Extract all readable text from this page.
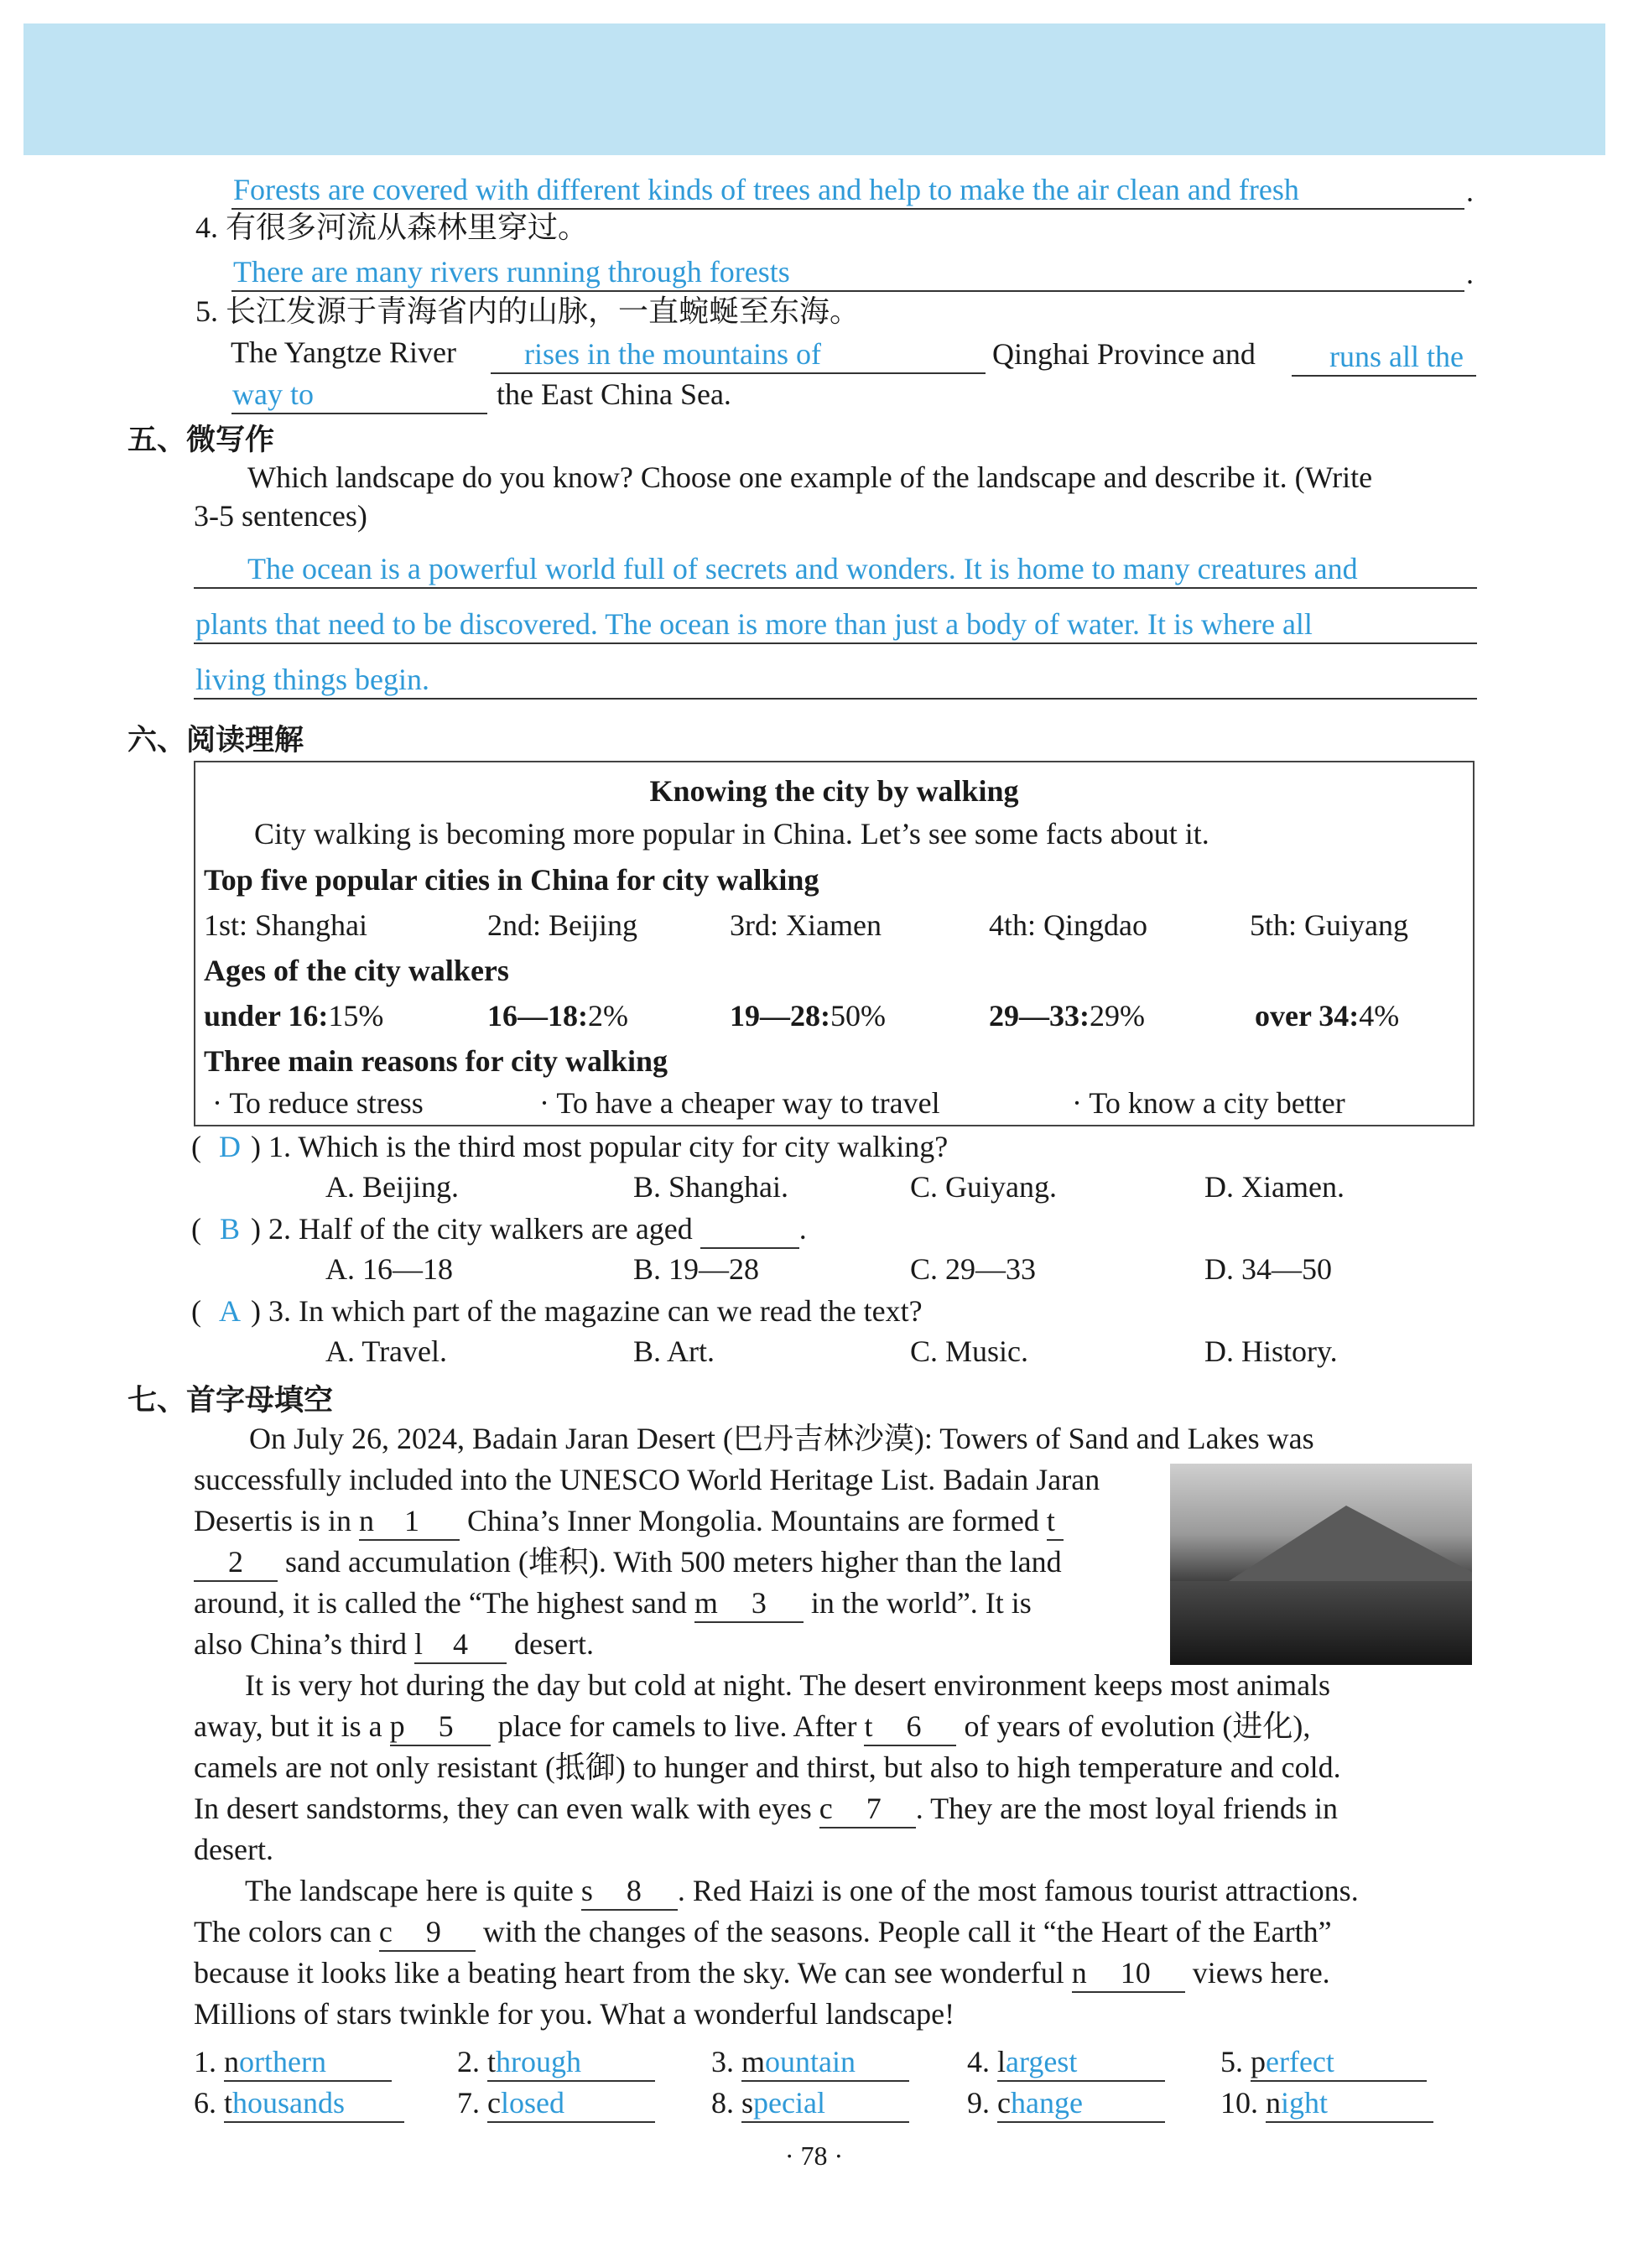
Forests are covered with different kinds of trees and help to make the air clean and fresh	.
4. 有很多河流从森林里穿过。
There are many rivers running through forests	.
5. 长江发源于青海省内的山脉，一直蜿蜒至东海。
The Yangtze River rises in the mountains of	Qinghai Province and runs all the
way to	the East China Sea.
五、微写作
Which landscape do you know? Choose one example of the landscape and describe it. (Write
3-5 sentences)
The ocean is a powerful world full of secrets and wonders. It is home to many creatures and
plants that need to be discovered. The ocean is more than just a body of water. It is where all
living things begin.
六、阅读理解
Knowing the city by walking
City walking is becoming more popular in China. Let’s see some facts about it.
Top five popular cities in China for city walking
1st: Shanghai	2nd: Beijing	3rd: Xiamen	4th: Qingdao	5th: Guiyang
Ages of the city walkers
under 16:15%	16—18:2%	19—28:50%	29—33:29%	over 34:4%
Three main reasons for city walking
· To reduce stress	· To have a cheaper way to travel	· To know a city better
( D ) 1. Which is the third most popular city for city walking?
A. Beijing.	B. Shanghai.	C. Guiyang.	D. Xiamen.
( B ) 2. Half of the city walkers are aged	.
A. 16—18	B. 19—28	C. 29—33	D. 34—50
( A ) 3. In which part of the magazine can we read the text?
A. Travel.	B. Art.	C. Music.	D. History.
七、首字母填空
On July 26, 2024, Badain Jaran Desert (巴丹吉林沙漠): Towers of Sand and Lakes was
successfully included into the UNESCO World Heritage List. Badain Jaran
Desertis is in n 1 China’s Inner Mongolia. Mountains are formed t
2 sand accumulation (堆积). With 500 meters higher than the land
around, it is called the “The highest sand m 3 in the world”. It is
also China’s third l 4 desert.
It is very hot during the day but cold at night. The desert environment keeps most animals
away, but it is a p 5 place for camels to live. After t 6 of years of evolution (进化),
camels are not only resistant (抵御) to hunger and thirst, but also to high temperature and cold.
In desert sandstorms, they can even walk with eyes c 7 . They are the most loyal friends in
desert.
The landscape here is quite s 8 . Red Haizi is one of the most famous tourist attractions.
The colors can c 9 with the changes of the seasons. People call it “the Heart of the Earth”
because it looks like a beating heart from the sky. We can see wonderful n 10 views here.
Millions of stars twinkle for you. What a wonderful landscape!
1. northern	2. through	3. mountain	4. largest	5. perfect
6. thousands	7. closed	8. special	9. change	10. night
· 78 ·
